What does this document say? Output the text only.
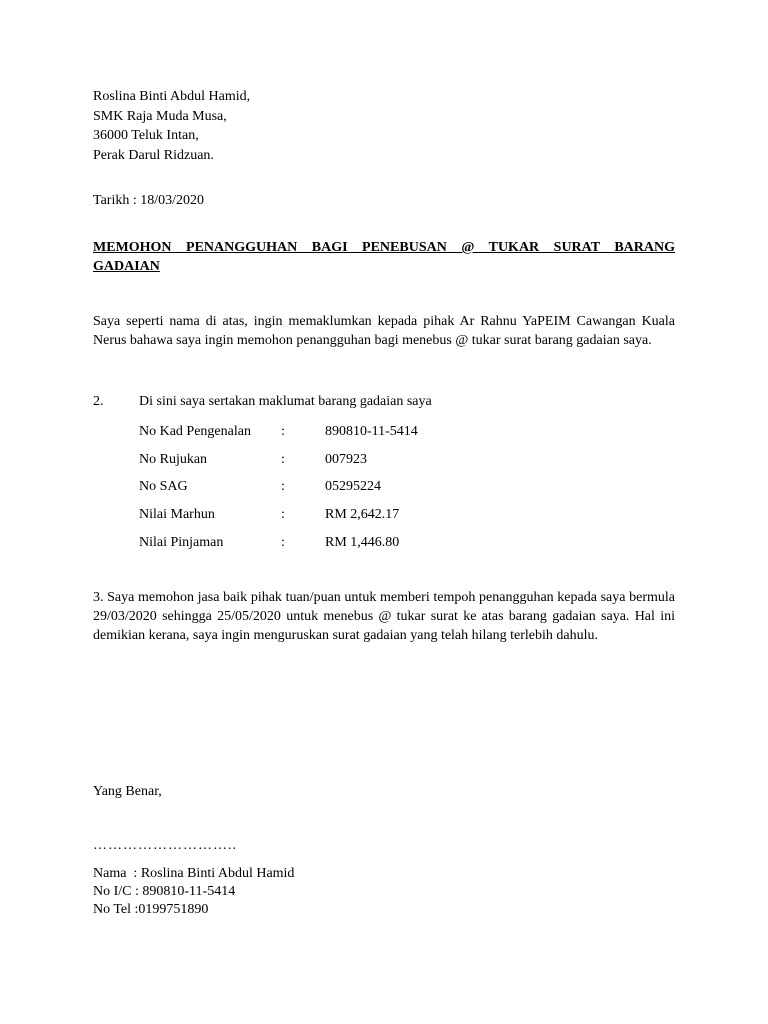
Roslina Binti Abdul Hamid,
SMK Raja Muda Musa,
36000 Teluk Intan,
Perak Darul Ridzuan.
Tarikh : 18/03/2020
MEMOHON PENANGGUHAN BAGI PENEBUSAN @ TUKAR SURAT BARANG GADAIAN
Saya seperti nama di atas, ingin memaklumkan kepada pihak Ar Rahnu YaPEIM Cawangan Kuala Nerus bahawa saya ingin memohon penangguhan bagi menebus @ tukar surat barang gadaian saya.
2.	Di sini saya sertakan maklumat barang gadaian saya
No Kad Pengenalan :	890810-11-5414
No Rujukan	:	007923
No SAG	:	05295224
Nilai Marhun	:	RM 2,642.17
Nilai Pinjaman	:	RM 1,446.80
3. Saya memohon jasa baik pihak tuan/puan untuk memberi tempoh penangguhan kepada saya bermula 29/03/2020 sehingga 25/05/2020 untuk menebus @ tukar surat ke atas barang gadaian saya. Hal ini demikian kerana, saya ingin menguruskan surat gadaian yang telah hilang terlebih dahulu.
Yang Benar,
………………………..
Nama  : Roslina Binti Abdul Hamid
No I/C : 890810-11-5414
No Tel :0199751890
